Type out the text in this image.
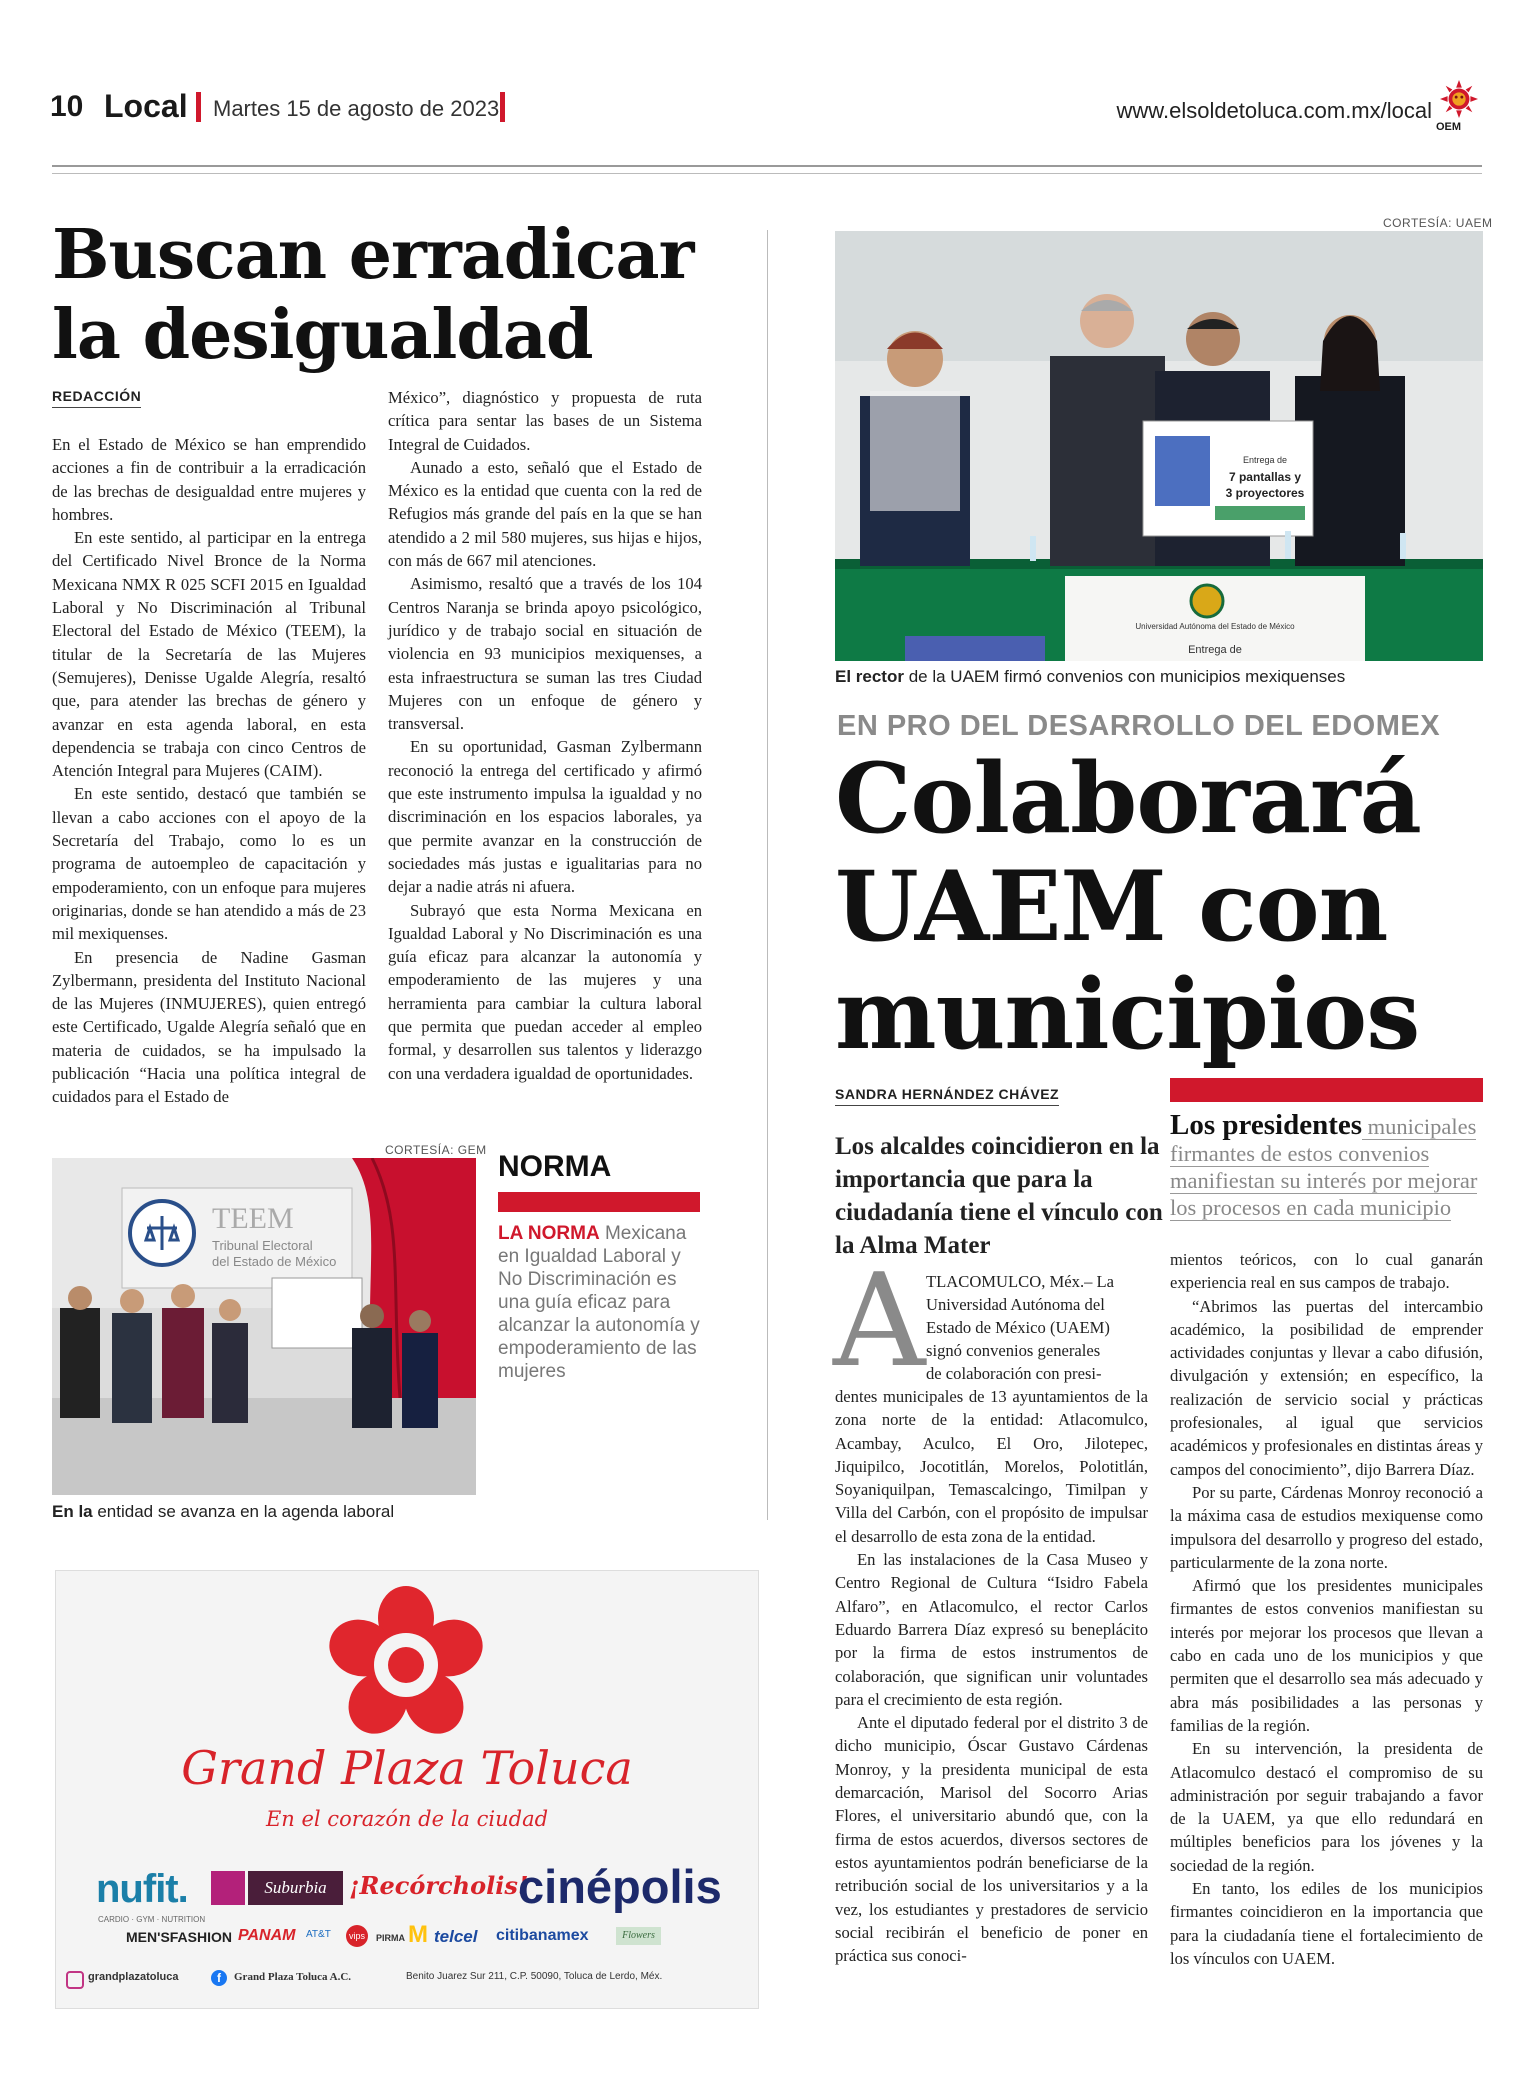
10 Local Martes 15 de agosto de 2023	www.elsoldetoluca.com.mx/local
OEM
Buscan erradicar
la desigualdad
REDACCIÓN

En el Estado de México se han emprendido acciones a fin de contribuir a la erradicación de las brechas de desigualdad entre mujeres y hombres.

En este sentido, al participar en la entrega del Certificado Nivel Bronce de la Norma Mexicana NMX R 025 SCFI 2015 en Igualdad Laboral y No Discriminación al Tribunal Electoral del Estado de México (TEEM), la titular de la Secretaría de las Mujeres (Semujeres), Denisse Ugalde Alegría, resaltó que, para atender las brechas de género y avanzar en esta agenda laboral, en esta dependencia se trabaja con cinco Centros de Atención Integral para Mujeres (CAIM).

En este sentido, destacó que también se llevan a cabo acciones con el apoyo de la Secretaría del Trabajo, como lo es un programa de autoempleo de capacitación y empoderamiento, con un enfoque para mujeres originarias, donde se han atendido a más de 23 mil mexiquenses.

En presencia de Nadine Gasman Zylbermann, presidenta del Instituto Nacional de las Mujeres (INMUJERES), quien entregó este Certificado, Ugalde Alegría señaló que en materia de cuidados, se ha impulsado la publicación “Hacia una política integral de cuidados para el Estado de

México”, diagnóstico y propuesta de ruta crítica para sentar las bases de un Sistema Integral de Cuidados.

Aunado a esto, señaló que el Estado de México es la entidad que cuenta con la red de Refugios más grande del país en la que se han atendido a 2 mil 580 mujeres, sus hijas e hijos, con más de 667 mil atenciones.

Asimismo, resaltó que a través de los 104 Centros Naranja se brinda apoyo psicológico, jurídico y de trabajo social en situación de violencia en 93 municipios mexiquenses, a esta infraestructura se suman las tres Ciudad Mujeres con un enfoque de género y transversal.

En su oportunidad, Gasman Zylbermann reconoció la entrega del certificado y afirmó que este instrumento impulsa la igualdad y no discriminación en los espacios laborales, ya que permite avanzar en la construcción de sociedades más justas e igualitarias para no dejar a nadie atrás ni afuera.

Subrayó que esta Norma Mexicana en Igualdad Laboral y No Discriminación es una guía eficaz para alcanzar la autonomía y empoderamiento de las mujeres y una herramienta para cambiar la cultura laboral que permita que puedan acceder al empleo formal, y desarrollen sus talentos y liderazgo con una verdadera igualdad de oportunidades.

CORTESÍA: GEM
TEEM
Tribunal Electoral
del Estado de México
En la entidad se avanza en la agenda laboral
NORMA
LA NORMA Mexicana en Igualdad Laboral y No Discriminación es una guía eficaz para alcanzar la autonomía y empoderamiento de las mujeres
Grand Plaza Toluca
En el corazón de la ciudad
nufit.
CARDIO · GYM · NUTRITION
Suburbia ¡Recórcholis!
cinépolis
MEN'SFASHION PANAM AT&T	vips	PIRMA M telcel citibanamex	Flowers
grandplazatoluca	f	Grand Plaza Toluca A.C.	Benito Juarez Sur 211, C.P. 50090, Toluca de Lerdo, Méx.
CORTESÍA: UAEM
Universidad Autónoma del Estado de México
Entrega de
Entrega de
7 pantallas y
3 proyectores
El rector de la UAEM firmó convenios con municipios mexiquenses
EN PRO DEL DESARROLLO DEL EDOMEX
Colaborará
UAEM con
municipios
SANDRA HERNÁNDEZ CHÁVEZ
Los alcaldes coincidieron en la importancia que para la ciudadanía tiene el vínculo con la Alma Mater
Los presidentes municipales firmantes de estos convenios manifiestan su interés por mejorar los procesos en cada municipio
A TLACOMULCO, Méx.– La
Universidad Autónoma del
Estado de México (UAEM)
signó convenios generales
de colaboración con presi-

dentes municipales de 13 ayuntamientos de la zona norte de la entidad: Atlacomulco, Acambay, Aculco, El Oro, Jilotepec, Jiquipilco, Jocotitlán, Morelos, Polotitlán, Soyaniquilpan, Temascalcingo, Timilpan y Villa del Carbón, con el propósito de impulsar el desarrollo de esta zona de la entidad.

En las instalaciones de la Casa Museo y Centro Regional de Cultura “Isidro Fabela Alfaro”, en Atlacomulco, el rector Carlos Eduardo Barrera Díaz expresó su beneplácito por la firma de estos instrumentos de colaboración, que significan unir voluntades para el crecimiento de esta región.

Ante el diputado federal por el distrito 3 de dicho municipio, Óscar Gustavo Cárdenas Monroy, y la presidenta municipal de esta demarcación, Marisol del Socorro Arias Flores, el universitario abundó que, con la firma de estos acuerdos, diversos sectores de estos ayuntamientos podrán beneficiarse de la retribución social de los universitarios y a la vez, los estudiantes y prestadores de servicio social recibirán el beneficio de poner en práctica sus conoci-

mientos teóricos, con lo cual ganarán experiencia real en sus campos de trabajo.

“Abrimos las puertas del intercambio académico, la posibilidad de emprender actividades conjuntas y llevar a cabo difusión, divulgación y extensión; en específico, la realización de servicio social y prácticas profesionales, al igual que servicios académicos y profesionales en distintas áreas y campos del conocimiento”, dijo Barrera Díaz.

Por su parte, Cárdenas Monroy reconoció a la máxima casa de estudios mexiquense como impulsora del desarrollo y progreso del estado, particularmente de la zona norte.

Afirmó que los presidentes municipales firmantes de estos convenios manifiestan su interés por mejorar los procesos que llevan a cabo en cada uno de los municipios y que permiten que el desarrollo sea más adecuado y abra más posibilidades a las personas y familias de la región.

En su intervención, la presidenta de Atlacomulco destacó el compromiso de su administración por seguir trabajando a favor de la UAEM, ya que ello redundará en múltiples beneficios para los jóvenes y la sociedad de la región.

En tanto, los ediles de los municipios firmantes coincidieron en la importancia que para la ciudadanía tiene el fortalecimiento de los vínculos con UAEM.
